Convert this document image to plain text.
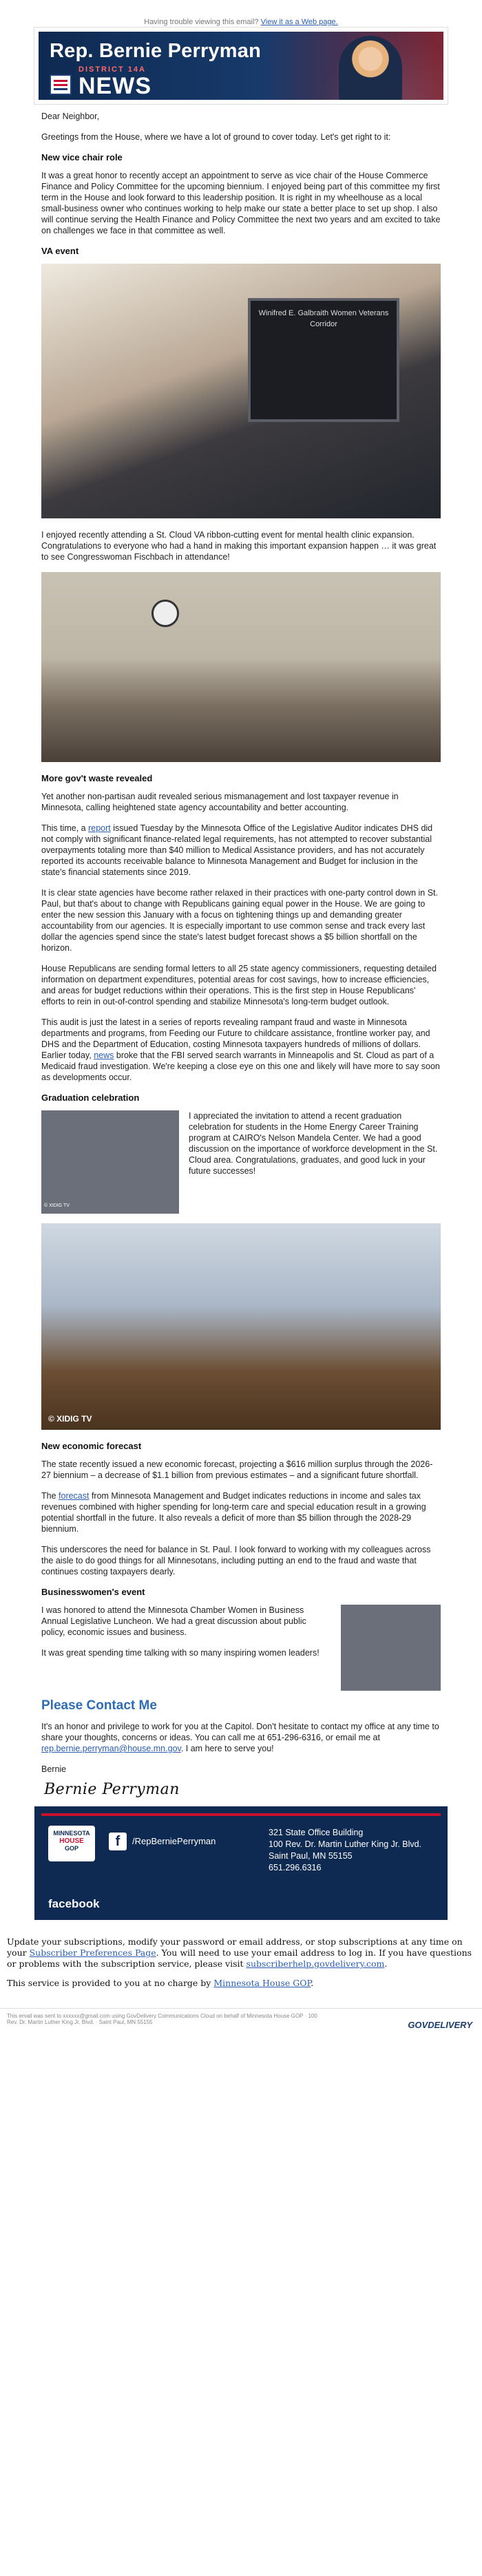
Having trouble viewing this email? View it as a Web page.
Rep. Bernie Perryman
DISTRICT 14A
NEWS

Dear Neighbor,

Greetings from the House, where we have a lot of ground to cover today. Let's get right to it:

New vice chair role

It was a great honor to recently accept an appointment to serve as vice chair of the House Commerce Finance and Policy Committee for the upcoming biennium. I enjoyed being part of this committee my first term in the House and look forward to this leadership position. It is right in my wheelhouse as a local small-business owner who continues working to help make our state a better place to set up shop. I also will continue serving the Health Finance and Policy Committee the next two years and am excited to take on challenges we face in that committee as well.

VA event
Winifred E. Galbraith Women Veterans Corridor

I enjoyed recently attending a St. Cloud VA ribbon-cutting event for mental health clinic expansion. Congratulations to everyone who had a hand in making this important expansion happen … it was great to see Congresswoman Fischbach in attendance!

More gov't waste revealed

Yet another non-partisan audit revealed serious mismanagement and lost taxpayer revenue in Minnesota, calling heightened state agency accountability and better accounting.

This time, a report issued Tuesday by the Minnesota Office of the Legislative Auditor indicates DHS did not comply with significant finance-related legal requirements, has not attempted to recover substantial overpayments totaling more than $40 million to Medical Assistance providers, and has not accurately reported its accounts receivable balance to Minnesota Management and Budget for inclusion in the state's financial statements since 2019.

It is clear state agencies have become rather relaxed in their practices with one-party control down in St. Paul, but that's about to change with Republicans gaining equal power in the House. We are going to enter the new session this January with a focus on tightening things up and demanding greater accountability from our agencies. It is especially important to use common sense and track every last dollar the agencies spend since the state's latest budget forecast shows a $5 billion shortfall on the horizon.

House Republicans are sending formal letters to all 25 state agency commissioners, requesting detailed information on department expenditures, potential areas for cost savings, how to increase efficiencies, and areas for budget reductions within their operations. This is the first step in House Republicans' efforts to rein in out-of-control spending and stabilize Minnesota's long-term budget outlook.

This audit is just the latest in a series of reports revealing rampant fraud and waste in Minnesota departments and programs, from Feeding our Future to childcare assistance, frontline worker pay, and DHS and the Department of Education, costing Minnesota taxpayers hundreds of millions of dollars. Earlier today, news broke that the FBI served search warrants in Minneapolis and St. Cloud as part of a Medicaid fraud investigation. We're keeping a close eye on this one and likely will have more to say soon as developments occur.

Graduation celebration
© XIDIG TV
I appreciated the invitation to attend a recent graduation celebration for students in the Home Energy Career Training program at CAIRO's Nelson Mandela Center. We had a good discussion on the importance of workforce development in the St. Cloud area. Congratulations, graduates, and good luck in your future successes!
© XIDIG TV
New economic forecast

The state recently issued a new economic forecast, projecting a $616 million surplus through the 2026-27 biennium – a decrease of $1.1 billion from previous estimates – and a significant future shortfall.

The forecast from Minnesota Management and Budget indicates reductions in income and sales tax revenues combined with higher spending for long-term care and special education result in a growing potential shortfall in the future. It also reveals a deficit of more than $5 billion through the 2028-29 biennium.

This underscores the need for balance in St. Paul. I look forward to working with my colleagues across the aisle to do good things for all Minnesotans, including putting an end to the fraud and waste that continues costing taxpayers dearly.

Businesswomen's event

I was honored to attend the Minnesota Chamber Women in Business Annual Legislative Luncheon. We had a great discussion about public policy, economic issues and business.

It was great spending time talking with so many inspiring women leaders!

Please Contact Me

It's an honor and privilege to work for you at the Capitol. Don't hesitate to contact my office at any time to share your thoughts, concerns or ideas. You can call me at 651-296-6316, or email me at rep.bernie.perryman@house.mn.gov. I am here to serve you!

Bernie

Bernie Perryman
MINNESOTA

HOUSE
GOP	f	/RepBerniePerryman
facebook
321 State Office Building
100 Rev. Dr. Martin Luther King Jr. Blvd.
Saint Paul, MN 55155
651.296.6316

Update your subscriptions, modify your password or email address, or stop subscriptions at any time on your Subscriber Preferences Page. You will need to use your email address to log in. If you have questions or problems with the subscription service, please visit subscriberhelp.govdelivery.com.

This service is provided to you at no charge by Minnesota House GOP.

This email was sent to xxxxxx@gmail.com using GovDelivery Communications Cloud on behalf of Minnesota House GOP · 100
Rev. Dr. Martin Luther King Jr. Blvd. · Saint Paul, MN 55155	GOVDELIVERY
